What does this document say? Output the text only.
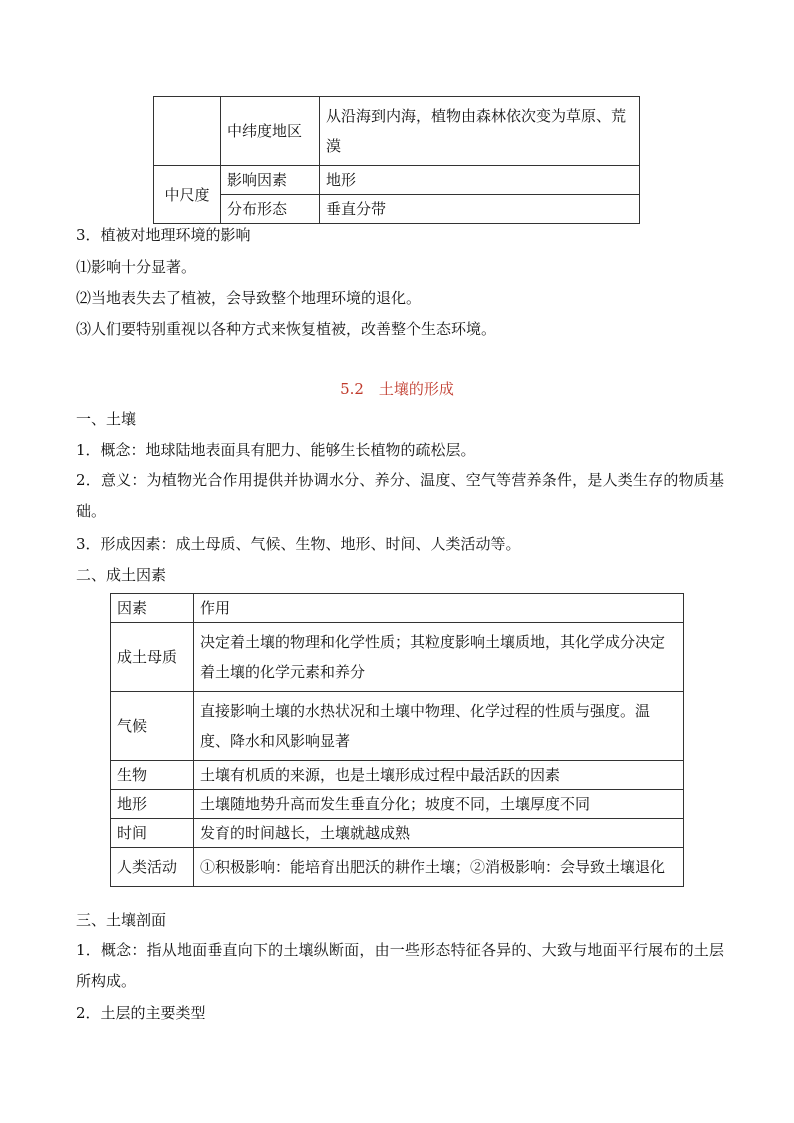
	中纬度地区	从沿海到内海，植物由森林依次变为草原、荒漠
中尺度	影响因素	地形
	分布形态	垂直分带
3．植被对地理环境的影响
⑴影响十分显著。
⑵当地表失去了植被，会导致整个地理环境的退化。
⑶人们要特别重视以各种方式来恢复植被，改善整个生态环境。
5.2　土壤的形成
一、土壤
1．概念：地球陆地表面具有肥力、能够生长植物的疏松层。
2．意义：为植物光合作用提供并协调水分、养分、温度、空气等营养条件，是人类生存的物质基础。
3．形成因素：成土母质、气候、生物、地形、时间、人类活动等。
二、成土因素
因素	作用
成土母质	决定着土壤的物理和化学性质；其粒度影响土壤质地，其化学成分决定着土壤的化学元素和养分
气候	直接影响土壤的水热状况和土壤中物理、化学过程的性质与强度。温度、降水和风影响显著
生物	土壤有机质的来源，也是土壤形成过程中最活跃的因素
地形	土壤随地势升高而发生垂直分化；坡度不同，土壤厚度不同
时间	发育的时间越长，土壤就越成熟
人类活动	①积极影响：能培育出肥沃的耕作土壤；②消极影响：会导致土壤退化
三、土壤剖面
1．概念：指从地面垂直向下的土壤纵断面，由一些形态特征各异的、大致与地面平行展布的土层所构成。
2．土层的主要类型
